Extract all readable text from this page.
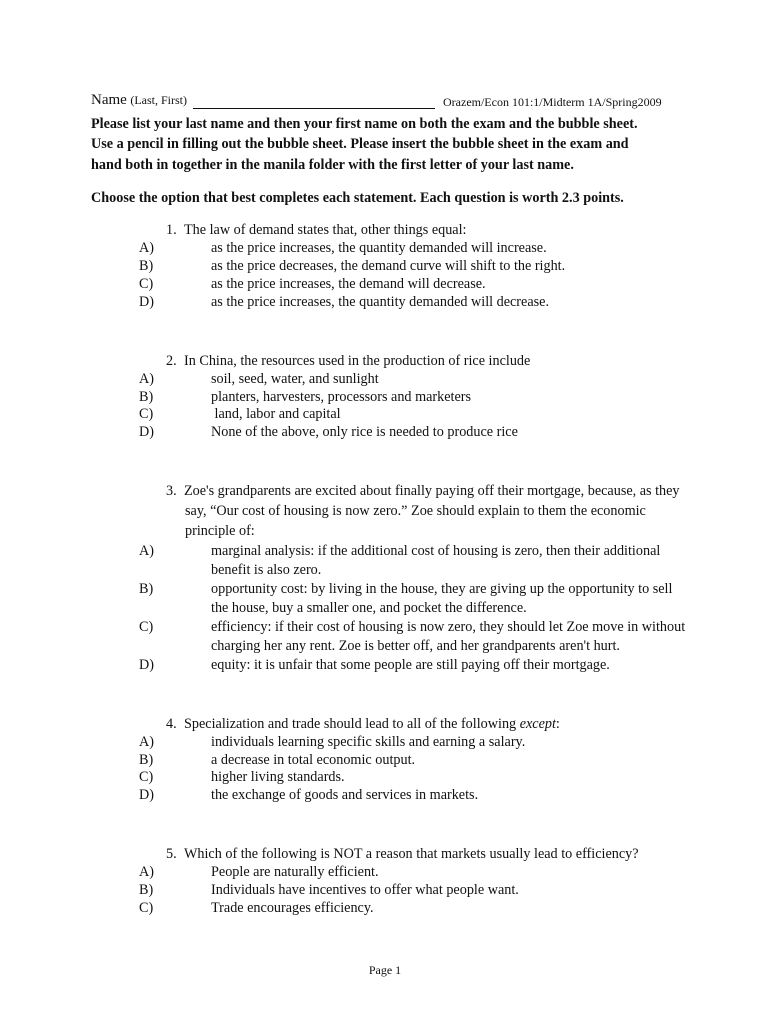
Name (Last, First)	Orazem/Econ 101:1/Midterm 1A/Spring2009
Please list your last name and then your first name on both the exam and the bubble sheet.
Use a pencil in filling out the bubble sheet. Please insert the bubble sheet in the exam and
hand both in together in the manila folder with the first letter of your last name.
Choose the option that best completes each statement. Each question is worth 2.3 points.
1. The law of demand states that, other things equal:
A)	as the price increases, the quantity demanded will increase.
B)	as the price decreases, the demand curve will shift to the right.
C)	as the price increases, the demand will decrease.
D)	as the price increases, the quantity demanded will decrease.
2. In China, the resources used in the production of rice include
A)	soil, seed, water, and sunlight
B)	planters, harvesters, processors and marketers
C)	land, labor and capital
D)	None of the above, only rice is needed to produce rice
3. Zoe's grandparents are excited about finally paying off their mortgage, because, as they
say, “Our cost of housing is now zero.” Zoe should explain to them the economic
principle of:
A)	marginal analysis: if the additional cost of housing is zero, then their additional
benefit is also zero.
B)	opportunity cost: by living in the house, they are giving up the opportunity to sell
the house, buy a smaller one, and pocket the difference.
C)	efficiency: if their cost of housing is now zero, they should let Zoe move in without
charging her any rent. Zoe is better off, and her grandparents aren't hurt.
D)	equity: it is unfair that some people are still paying off their mortgage.
4. Specialization and trade should lead to all of the following except:
A)	individuals learning specific skills and earning a salary.
B)	a decrease in total economic output.
C)	higher living standards.
D)	the exchange of goods and services in markets.
5. Which of the following is NOT a reason that markets usually lead to efficiency?
A)	People are naturally efficient.
B)	Individuals have incentives to offer what people want.
C)	Trade encourages efficiency.
Page 1
